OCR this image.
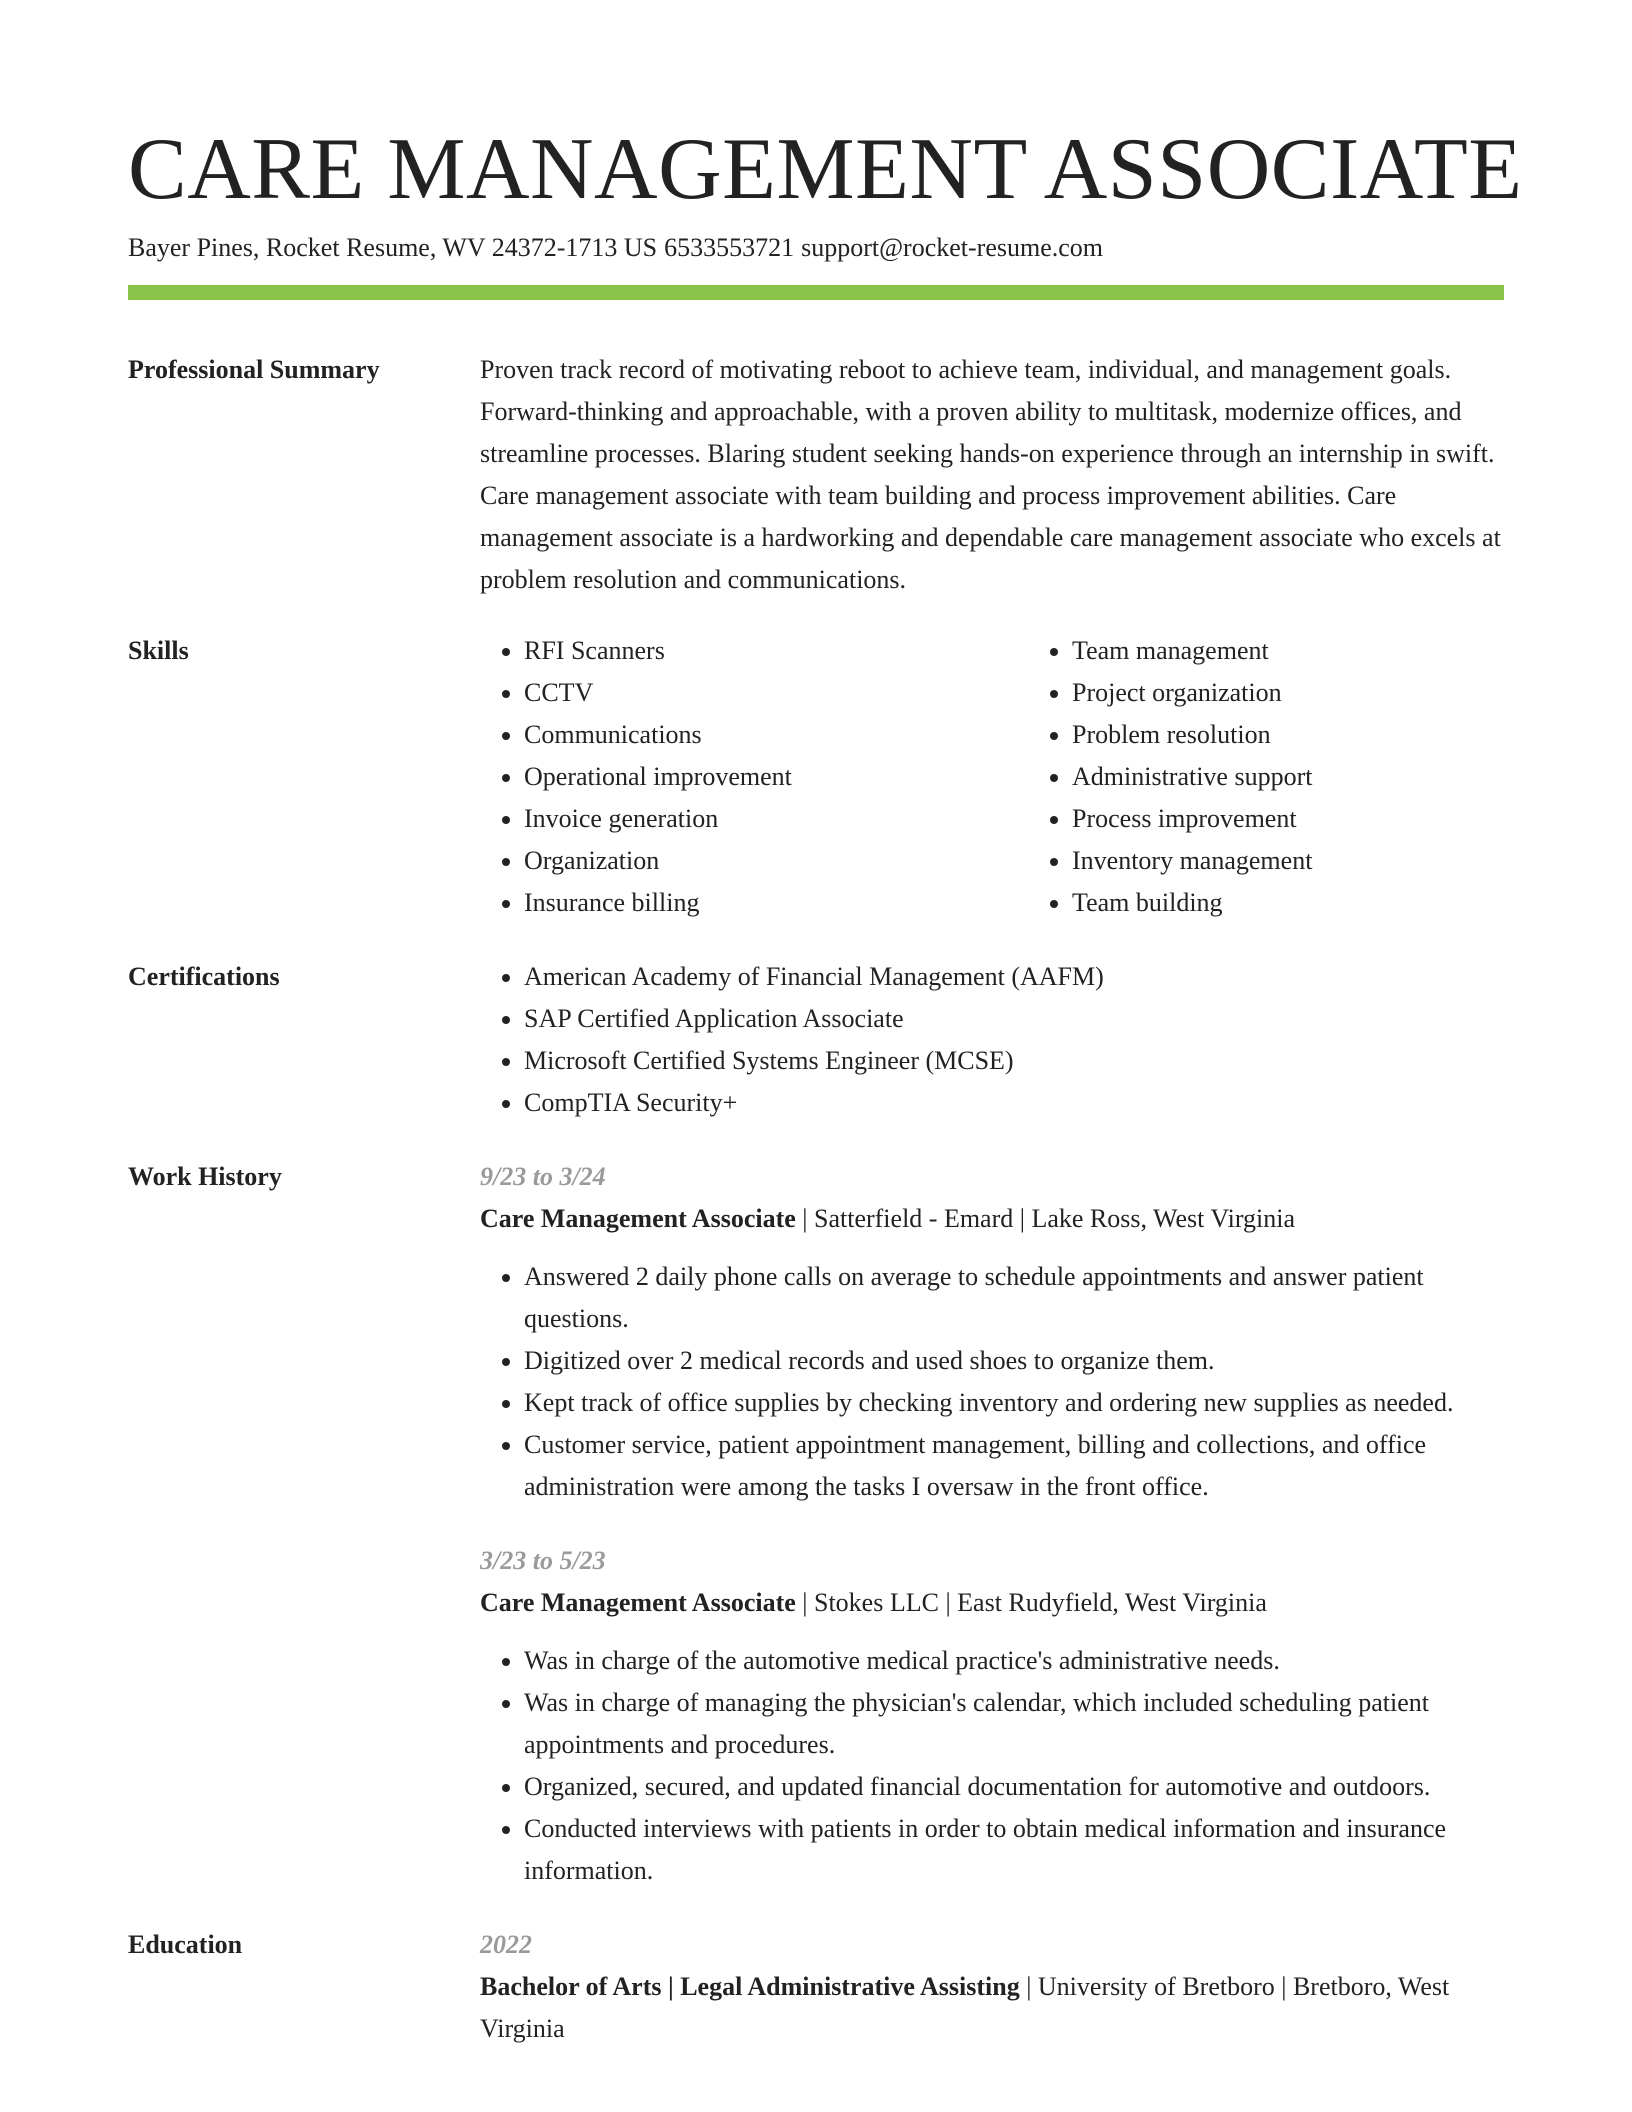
CARE MANAGEMENT ASSOCIATE
Bayer Pines, Rocket Resume, WV 24372-1713 US 6533553721 support@rocket-resume.com
Professional Summary	Proven track record of motivating reboot to achieve team, individual, and management goals. Forward-thinking and approachable, with a proven ability to multitask, modernize offices, and streamline processes. Blaring student seeking hands-on experience through an internship in swift. Care management associate with team building and process improvement abilities. Care management associate is a hardworking and dependable care management associate who excels at problem resolution and communications.
Skills	• RFI Scanners
• CCTV
• Communications
• Operational improvement
• Invoice generation
• Organization
• Insurance billing
• Team management
• Project organization
• Problem resolution
• Administrative support
• Process improvement
• Inventory management
• Team building
Certifications	• American Academy of Financial Management (AAFM)
• SAP Certified Application Associate
• Microsoft Certified Systems Engineer (MCSE)
• CompTIA Security+
Work History	9/23 to 3/24
Care Management Associate | Satterfield - Emard | Lake Ross, West Virginia
• Answered 2 daily phone calls on average to schedule appointments and answer patient questions.
• Digitized over 2 medical records and used shoes to organize them.
• Kept track of office supplies by checking inventory and ordering new supplies as needed.
• Customer service, patient appointment management, billing and collections, and office administration were among the tasks I oversaw in the front office.
3/23 to 5/23
Care Management Associate | Stokes LLC | East Rudyfield, West Virginia
• Was in charge of the automotive medical practice's administrative needs.
• Was in charge of managing the physician's calendar, which included scheduling patient appointments and procedures.
• Organized, secured, and updated financial documentation for automotive and outdoors.
• Conducted interviews with patients in order to obtain medical information and insurance information.
Education	2022
Bachelor of Arts | Legal Administrative Assisting | University of Bretboro | Bretboro, West Virginia
